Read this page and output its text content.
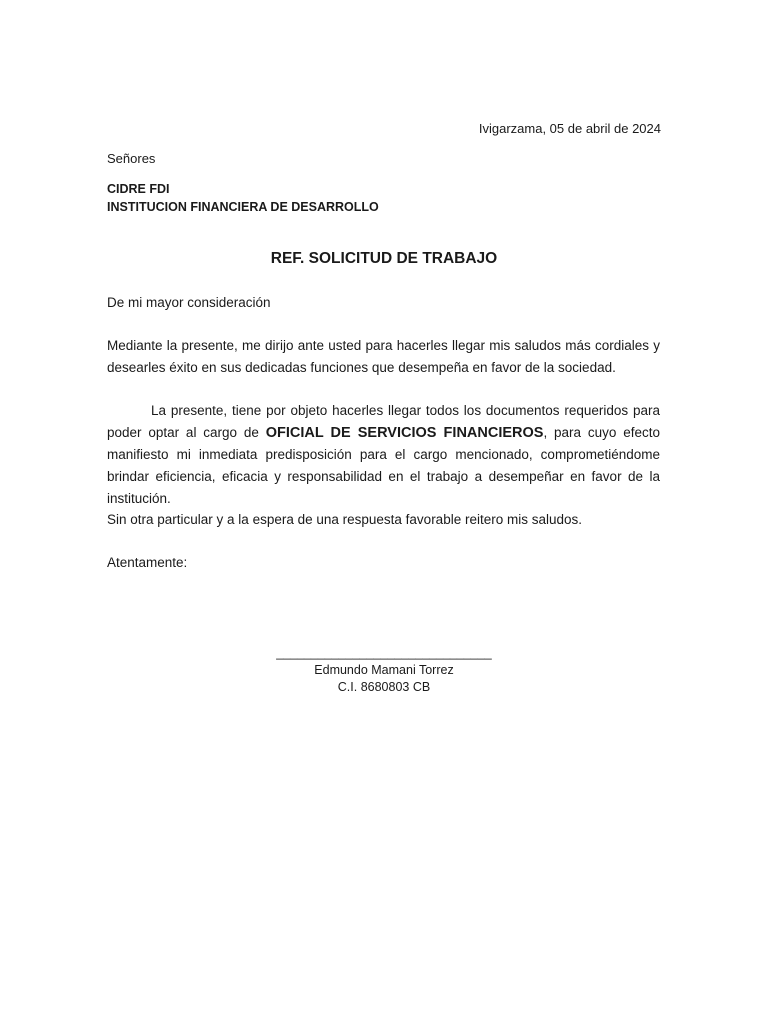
Ivigarzama, 05 de abril de 2024
Señores
CIDRE FDI
INSTITUCION FINANCIERA DE DESARROLLO
REF. SOLICITUD DE TRABAJO
De mi mayor consideración
Mediante la presente, me dirijo ante usted para hacerles llegar mis saludos más cordiales y desearles éxito en sus dedicadas funciones que desempeña en favor de la sociedad.
La presente, tiene por objeto hacerles llegar todos los documentos requeridos para poder optar al cargo de OFICIAL DE SERVICIOS FINANCIEROS, para cuyo efecto manifiesto mi inmediata predisposición para el cargo mencionado, comprometiéndome brindar eficiencia, eficacia y responsabilidad en el trabajo a desempeñar en favor de la institución.
Sin otra particular y a la espera de una respuesta favorable reitero mis saludos.
Atentamente:
_______________________________
Edmundo Mamani Torrez
C.I. 8680803 CB
